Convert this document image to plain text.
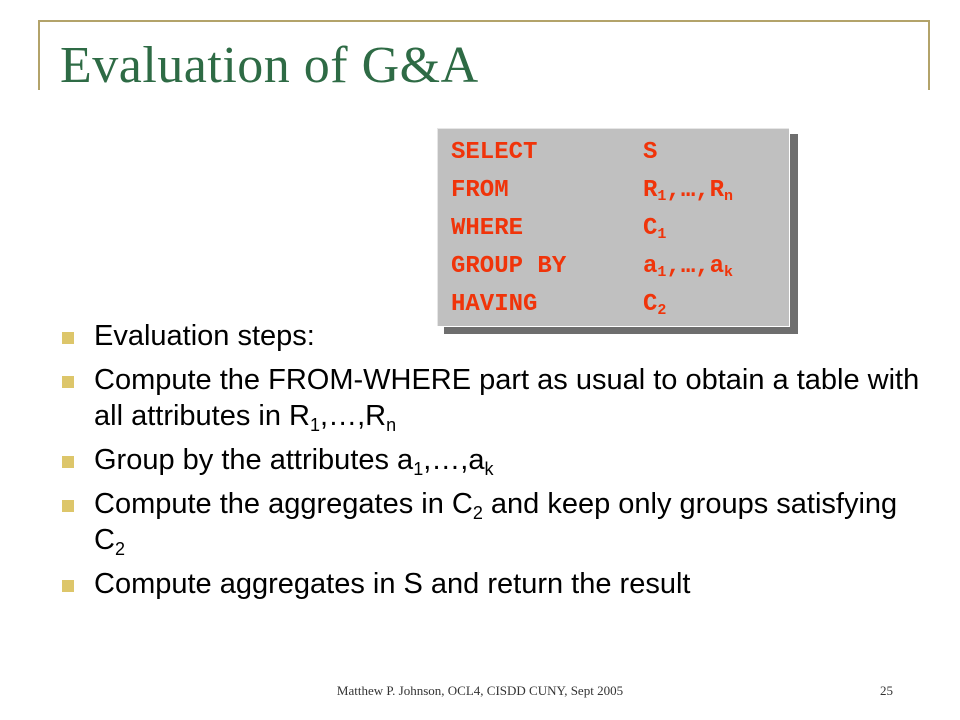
Evaluation of G&A
SELECT	S
FROM	$R_1,\dots,R_n$
WHERE	$C_1$
GROUP BY	$a_1,\dots,a_k$
HAVING	$C_2$
Evaluation steps:
Compute the FROM-WHERE part as usual to obtain a table with all attributes in $R_1,\dots,R_n$
Group by the attributes $a_1,\dots,a_k$
Compute the aggregates in $C_2$ and keep only groups satisfying $C_2$
Compute aggregates in S and return the result
Matthew P. Johnson, OCL4, CISDD CUNY, Sept 2005	25
